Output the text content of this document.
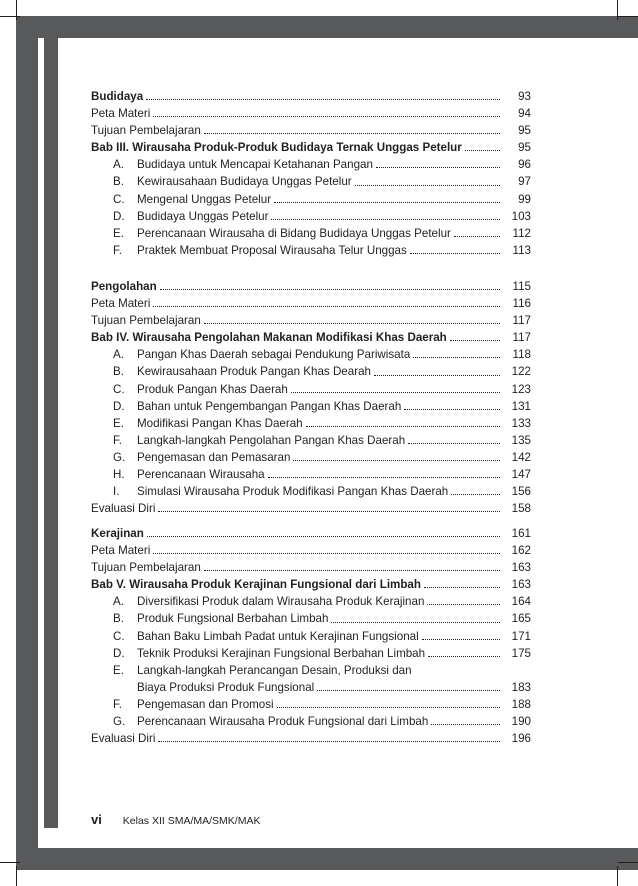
Budidaya	93
Peta Materi	94
Tujuan Pembelajaran	95
Bab III. Wirausaha Produk-Produk Budidaya Ternak Unggas Petelur	95
A. Budidaya untuk Mencapai Ketahanan Pangan	96
B. Kewirausahaan Budidaya Unggas Petelur	97
C. Mengenal Unggas Petelur	99
D. Budidaya Unggas Petelur	103
E. Perencanaan Wirausaha di Bidang Budidaya Unggas Petelur	112
F. Praktek Membuat Proposal Wirausaha Telur Unggas	113
Pengolahan	115
Peta Materi	116
Tujuan Pembelajaran	117
Bab IV. Wirausaha Pengolahan Makanan Modifikasi Khas Daerah	117
A. Pangan Khas Daerah sebagai Pendukung Pariwisata	118
B. Kewirausahaan Produk Pangan Khas Dearah	122
C. Produk Pangan Khas Daerah	123
D. Bahan untuk Pengembangan Pangan Khas Daerah	131
E. Modifikasi Pangan Khas Daerah	133
F. Langkah-langkah Pengolahan Pangan Khas Daerah	135
G. Pengemasan dan Pemasaran	142
H. Perencanaan Wirausaha	147
I. Simulasi Wirausaha Produk Modifikasi Pangan Khas Daerah	156
Evaluasi Diri	158
Kerajinan	161
Peta Materi	162
Tujuan Pembelajaran	163
Bab V. Wirausaha Produk Kerajinan Fungsional dari Limbah	163
A. Diversifikasi Produk dalam Wirausaha Produk Kerajinan	164
B. Produk Fungsional Berbahan Limbah	165
C. Bahan Baku Limbah Padat untuk Kerajinan Fungsional	171
D. Teknik Produksi Kerajinan Fungsional Berbahan Limbah	175
E. Langkah-langkah Perancangan Desain, Produksi dan
Biaya Produksi Produk Fungsional	183
F. Pengemasan dan Promosi	188
G. Perencanaan Wirausaha Produk Fungsional dari Limbah	190
Evaluasi Diri	196
vi Kelas XII SMA/MA/SMK/MAK
